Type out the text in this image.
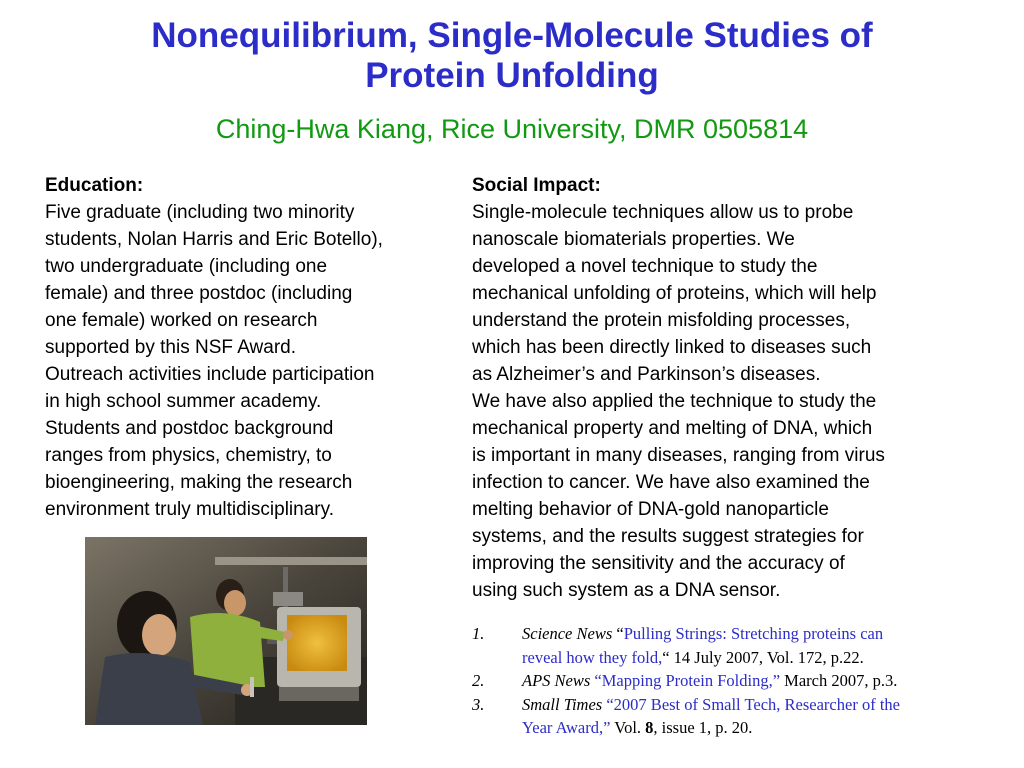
Nonequilibrium, Single-Molecule Studies of
Protein Unfolding
Ching-Hwa Kiang, Rice University, DMR 0505814
Education:
Five graduate (including two minority
students, Nolan Harris and Eric Botello),
two undergraduate (including one
female) and three postdoc (including
one female) worked on research
supported by this NSF Award.
Outreach activities include participation
in high school summer academy.
Students and postdoc background
ranges from physics, chemistry, to
bioengineering, making the research
environment truly multidisciplinary.
Social Impact:
Single-molecule techniques allow us to probe
nanoscale biomaterials properties. We
developed a novel technique to study the
mechanical unfolding of proteins, which will help
understand the protein misfolding processes,
which has been directly linked to diseases such
as Alzheimer’s and Parkinson’s diseases.
We have also applied the technique to study the
mechanical property and melting of DNA, which
is important in many diseases, ranging from virus
infection to cancer. We have also examined the
melting behavior of DNA-gold nanoparticle
systems, and the results suggest strategies for
improving the sensitivity and the accuracy of
using such system as a DNA sensor.
1. Science News “Pulling Strings: Stretching proteins can
reveal how they fold,“ 14 July 2007, Vol. 172, p.22.
2. APS News “Mapping Protein Folding,” March 2007, p.3.
3. Small Times “2007 Best of Small Tech, Researcher of the
Year Award,” Vol. 8, issue 1, p. 20.
